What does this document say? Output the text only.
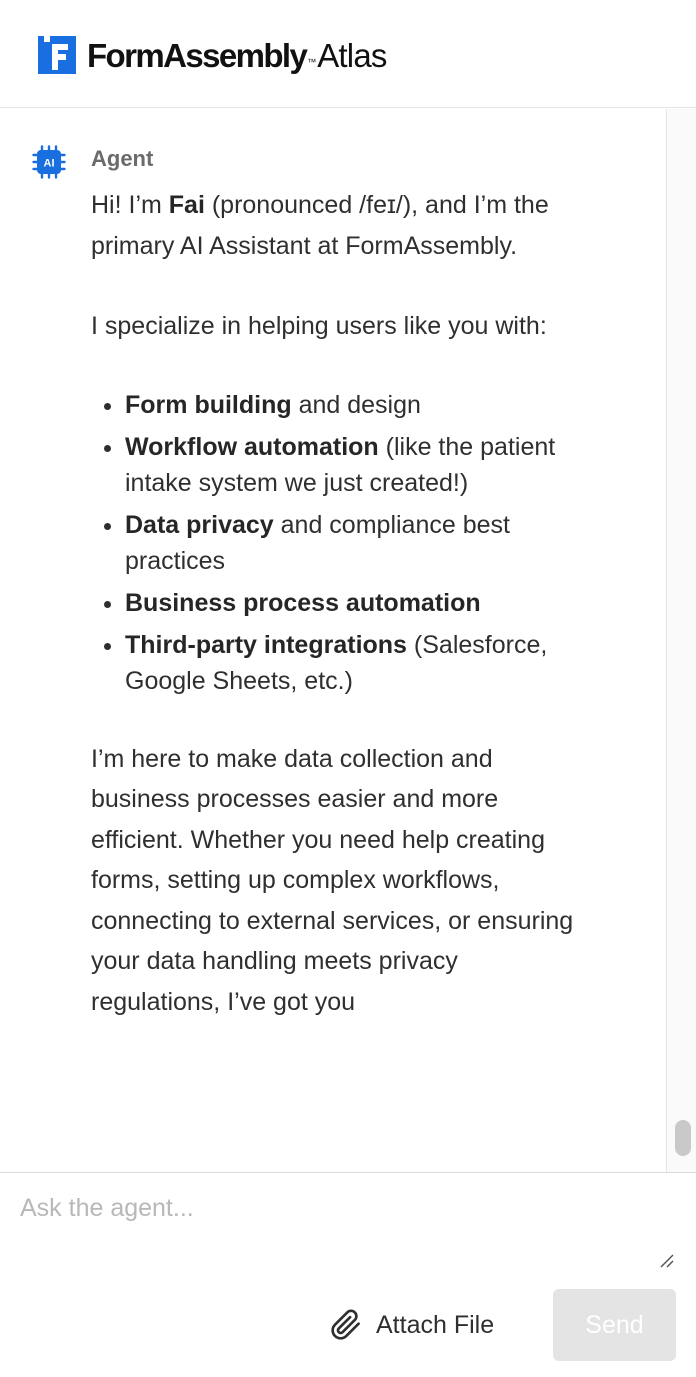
FormAssembly™Atlas
AI Agent

Hi! I’m Fai (pronounced /feɪ/), and I’m the primary AI Assistant at FormAssembly.

I specialize in helping users like you with:

• Form building and design
• Workflow automation (like the patient intake system we just created!)
• Data privacy and compliance best practices
• Business process automation
• Third-party integrations (Salesforce, Google Sheets, etc.)

I’m here to make data collection and business processes easier and more efficient. Whether you need help creating forms, setting up complex workflows, connecting to external services, or ensuring your data handling meets privacy regulations, I’ve got you

Ask the agent...
Attach File	Send
